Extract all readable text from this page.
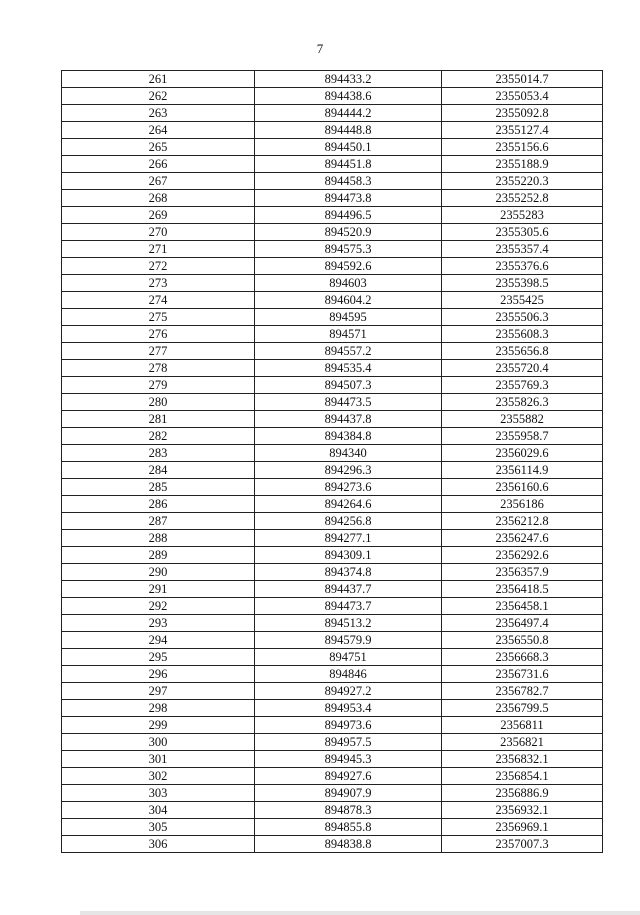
7
261	894433.2	2355014.7
262	894438.6	2355053.4
263	894444.2	2355092.8
264	894448.8	2355127.4
265	894450.1	2355156.6
266	894451.8	2355188.9
267	894458.3	2355220.3
268	894473.8	2355252.8
269	894496.5	2355283
270	894520.9	2355305.6
271	894575.3	2355357.4
272	894592.6	2355376.6
273	894603	2355398.5
274	894604.2	2355425
275	894595	2355506.3
276	894571	2355608.3
277	894557.2	2355656.8
278	894535.4	2355720.4
279	894507.3	2355769.3
280	894473.5	2355826.3
281	894437.8	2355882
282	894384.8	2355958.7
283	894340	2356029.6
284	894296.3	2356114.9
285	894273.6	2356160.6
286	894264.6	2356186
287	894256.8	2356212.8
288	894277.1	2356247.6
289	894309.1	2356292.6
290	894374.8	2356357.9
291	894437.7	2356418.5
292	894473.7	2356458.1
293	894513.2	2356497.4
294	894579.9	2356550.8
295	894751	2356668.3
296	894846	2356731.6
297	894927.2	2356782.7
298	894953.4	2356799.5
299	894973.6	2356811
300	894957.5	2356821
301	894945.3	2356832.1
302	894927.6	2356854.1
303	894907.9	2356886.9
304	894878.3	2356932.1
305	894855.8	2356969.1
306	894838.8	2357007.3
